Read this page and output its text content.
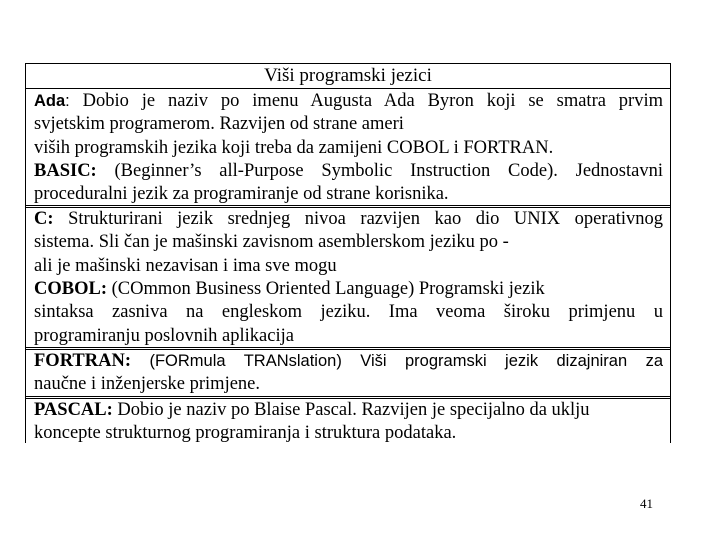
Viši programski jezici
Ada: Dobio je naziv po imenu Augusta Ada Byron koji se smatra prvim
svjetskim programerom. Razvijen od strane ameri
viših programskih jezika koji treba da zamijeni COBOL i FORTRAN.
BASIC: (Beginner’s all-Purpose Symbolic Instruction Code). Jednostavni
proceduralni jezik za programiranje od strane korisnika.
C: Strukturirani jezik srednjeg nivoa razvijen kao dio UNIX operativnog
sistema. Sli čan je mašinski zavisnom asemblerskom jeziku po -
ali je mašinski nezavisan i ima sve mogu
COBOL: (COmmon Business Oriented Language) Programski jezik
sintaksa zasniva na engleskom jeziku. Ima veoma široku primjenu u
programiranju poslovnih aplikacija
FORTRAN: (FORmula TRANslation) Viši programski jezik dizajniran za
naučne i inženjerske primjene.
PASCAL: Dobio je naziv po Blaise Pascal. Razvijen je specijalno da uklju
koncepte strukturnog programiranja i struktura podataka.
41
